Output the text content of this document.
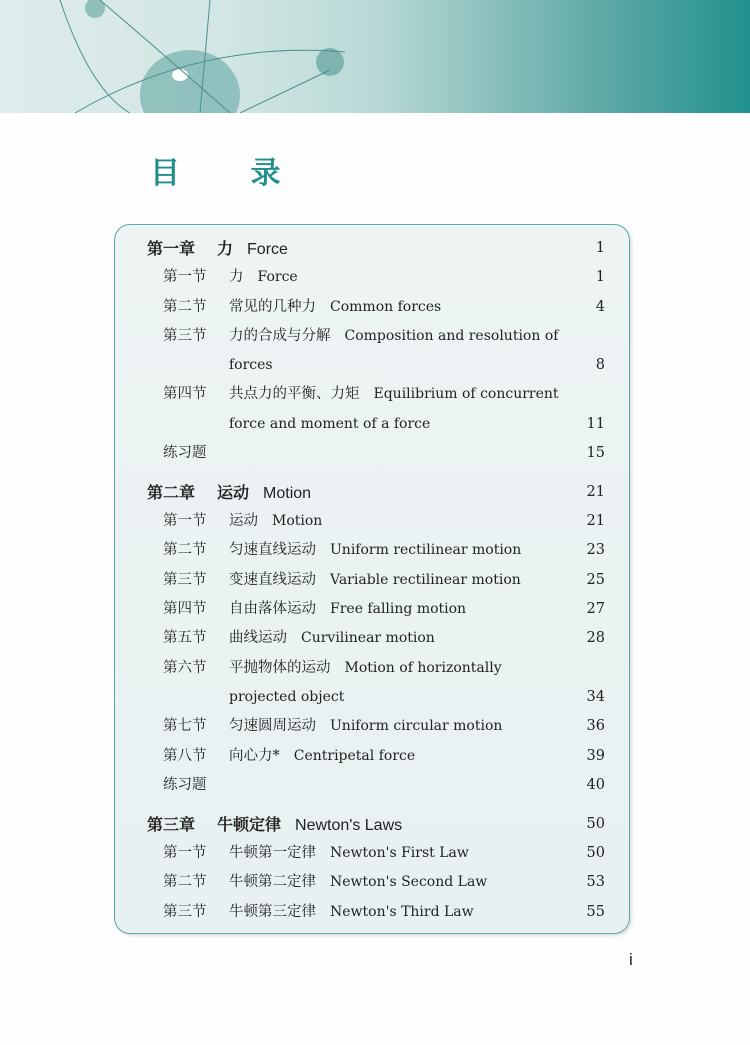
目 录
第一章 力 Force	1
第一节 力 Force	1
第二节 常见的几种力 Common forces	4
第三节 力的合成与分解 Composition and resolution of
forces	8
第四节 共点力的平衡、力矩 Equilibrium of concurrent
force and moment of a force	11
练习题	15
第二章 运动 Motion	21
第一节 运动 Motion	21
第二节 匀速直线运动 Uniform rectilinear motion	23
第三节 变速直线运动 Variable rectilinear motion	25
第四节 自由落体运动 Free falling motion	27
第五节 曲线运动 Curvilinear motion	28
第六节 平抛物体的运动 Motion of horizontally
projected object	34
第七节 匀速圆周运动 Uniform circular motion	36
第八节 向心力* Centripetal force	39
练习题	40
第三章 牛顿定律 Newton's Laws	50
第一节 牛顿第一定律 Newton's First Law	50
第二节 牛顿第二定律 Newton's Second Law	53
第三节 牛顿第三定律 Newton's Third Law	55
i
